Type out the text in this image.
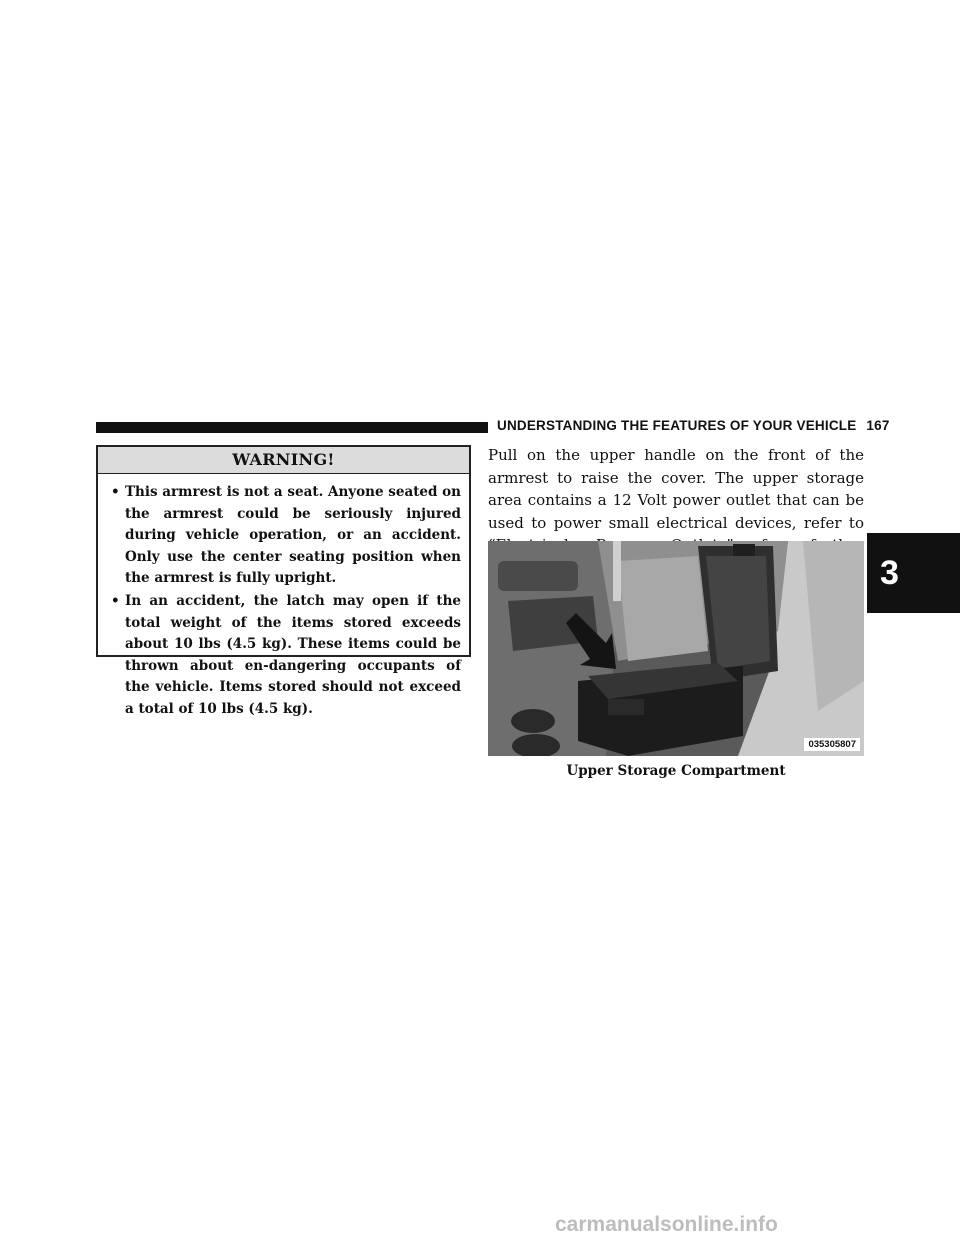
UNDERSTANDING THE FEATURES OF YOUR VEHICLE 167
3
WARNING!
• This armrest is not a seat. Anyone seated on the armrest could be seriously injured during vehicle operation, or an accident. Only use the center seating position when the armrest is fully upright.
• In an accident, the latch may open if the total weight of the items stored exceeds about 10 lbs (4.5 kg). These items could be thrown about en-dangering occupants of the vehicle. Items stored should not exceed a total of 10 lbs (4.5 kg).
Pull on the upper handle on the front of the armrest to raise the cover. The upper storage area contains a 12 Volt power outlet that can be used to power small electrical devices, refer to
035305807
Upper Storage Compartment
carmanualsonline.info
